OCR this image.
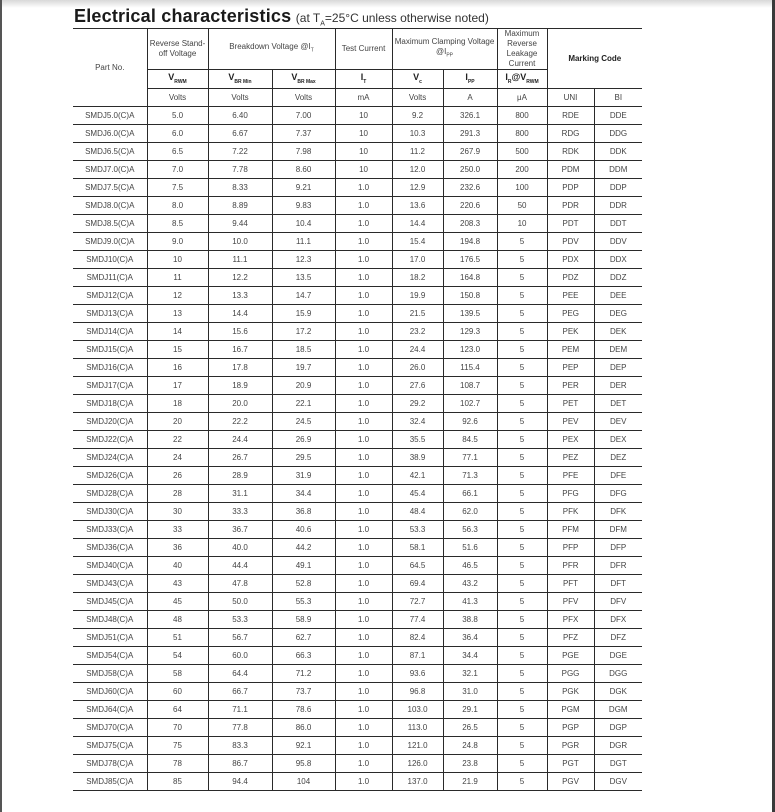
Electrical characteristics (at $T_A=25^\circ C$ unless otherwise noted)
Part No.	Reverse Stand-off Voltage	Breakdown Voltage $@I_T$		Test Current	Maximum Clamping Voltage $@I_{PP}$		Maximum Reverse Leakage Current	Marking Code	
	$V_{RWM}$	$V_{BR Min}$	$V_{BR Max}$	$I_T$	$V_c$	$I_{PP}$	$I_R@V_{RWM}$
	Volts	Volts	Volts	mA	Volts	A	μA	UNI	BI
SMDJ5.0(C)A	5.0	6.40	7.00	10	9.2	326.1	800	RDE	DDE
SMDJ6.0(C)A	6.0	6.67	7.37	10	10.3	291.3	800	RDG	DDG
SMDJ6.5(C)A	6.5	7.22	7.98	10	11.2	267.9	500	RDK	DDK
SMDJ7.0(C)A	7.0	7.78	8.60	10	12.0	250.0	200	PDM	DDM
SMDJ7.5(C)A	7.5	8.33	9.21	1.0	12.9	232.6	100	PDP	DDP
SMDJ8.0(C)A	8.0	8.89	9.83	1.0	13.6	220.6	50	PDR	DDR
SMDJ8.5(C)A	8.5	9.44	10.4	1.0	14.4	208.3	10	PDT	DDT
SMDJ9.0(C)A	9.0	10.0	11.1	1.0	15.4	194.8	5	PDV	DDV
SMDJ10(C)A	10	11.1	12.3	1.0	17.0	176.5	5	PDX	DDX
SMDJ11(C)A	11	12.2	13.5	1.0	18.2	164.8	5	PDZ	DDZ
SMDJ12(C)A	12	13.3	14.7	1.0	19.9	150.8	5	PEE	DEE
SMDJ13(C)A	13	14.4	15.9	1.0	21.5	139.5	5	PEG	DEG
SMDJ14(C)A	14	15.6	17.2	1.0	23.2	129.3	5	PEK	DEK
SMDJ15(C)A	15	16.7	18.5	1.0	24.4	123.0	5	PEM	DEM
SMDJ16(C)A	16	17.8	19.7	1.0	26.0	115.4	5	PEP	DEP
SMDJ17(C)A	17	18.9	20.9	1.0	27.6	108.7	5	PER	DER
SMDJ18(C)A	18	20.0	22.1	1.0	29.2	102.7	5	PET	DET
SMDJ20(C)A	20	22.2	24.5	1.0	32.4	92.6	5	PEV	DEV
SMDJ22(C)A	22	24.4	26.9	1.0	35.5	84.5	5	PEX	DEX
SMDJ24(C)A	24	26.7	29.5	1.0	38.9	77.1	5	PEZ	DEZ
SMDJ26(C)A	26	28.9	31.9	1.0	42.1	71.3	5	PFE	DFE
SMDJ28(C)A	28	31.1	34.4	1.0	45.4	66.1	5	PFG	DFG
SMDJ30(C)A	30	33.3	36.8	1.0	48.4	62.0	5	PFK	DFK
SMDJ33(C)A	33	36.7	40.6	1.0	53.3	56.3	5	PFM	DFM
SMDJ36(C)A	36	40.0	44.2	1.0	58.1	51.6	5	PFP	DFP
SMDJ40(C)A	40	44.4	49.1	1.0	64.5	46.5	5	PFR	DFR
SMDJ43(C)A	43	47.8	52.8	1.0	69.4	43.2	5	PFT	DFT
SMDJ45(C)A	45	50.0	55.3	1.0	72.7	41.3	5	PFV	DFV
SMDJ48(C)A	48	53.3	58.9	1.0	77.4	38.8	5	PFX	DFX
SMDJ51(C)A	51	56.7	62.7	1.0	82.4	36.4	5	PFZ	DFZ
SMDJ54(C)A	54	60.0	66.3	1.0	87.1	34.4	5	PGE	DGE
SMDJ58(C)A	58	64.4	71.2	1.0	93.6	32.1	5	PGG	DGG
SMDJ60(C)A	60	66.7	73.7	1.0	96.8	31.0	5	PGK	DGK
SMDJ64(C)A	64	71.1	78.6	1.0	103.0	29.1	5	PGM	DGM
SMDJ70(C)A	70	77.8	86.0	1.0	113.0	26.5	5	PGP	DGP
SMDJ75(C)A	75	83.3	92.1	1.0	121.0	24.8	5	PGR	DGR
SMDJ78(C)A	78	86.7	95.8	1.0	126.0	23.8	5	PGT	DGT
SMDJ85(C)A	85	94.4	104	1.0	137.0	21.9	5	PGV	DGV
